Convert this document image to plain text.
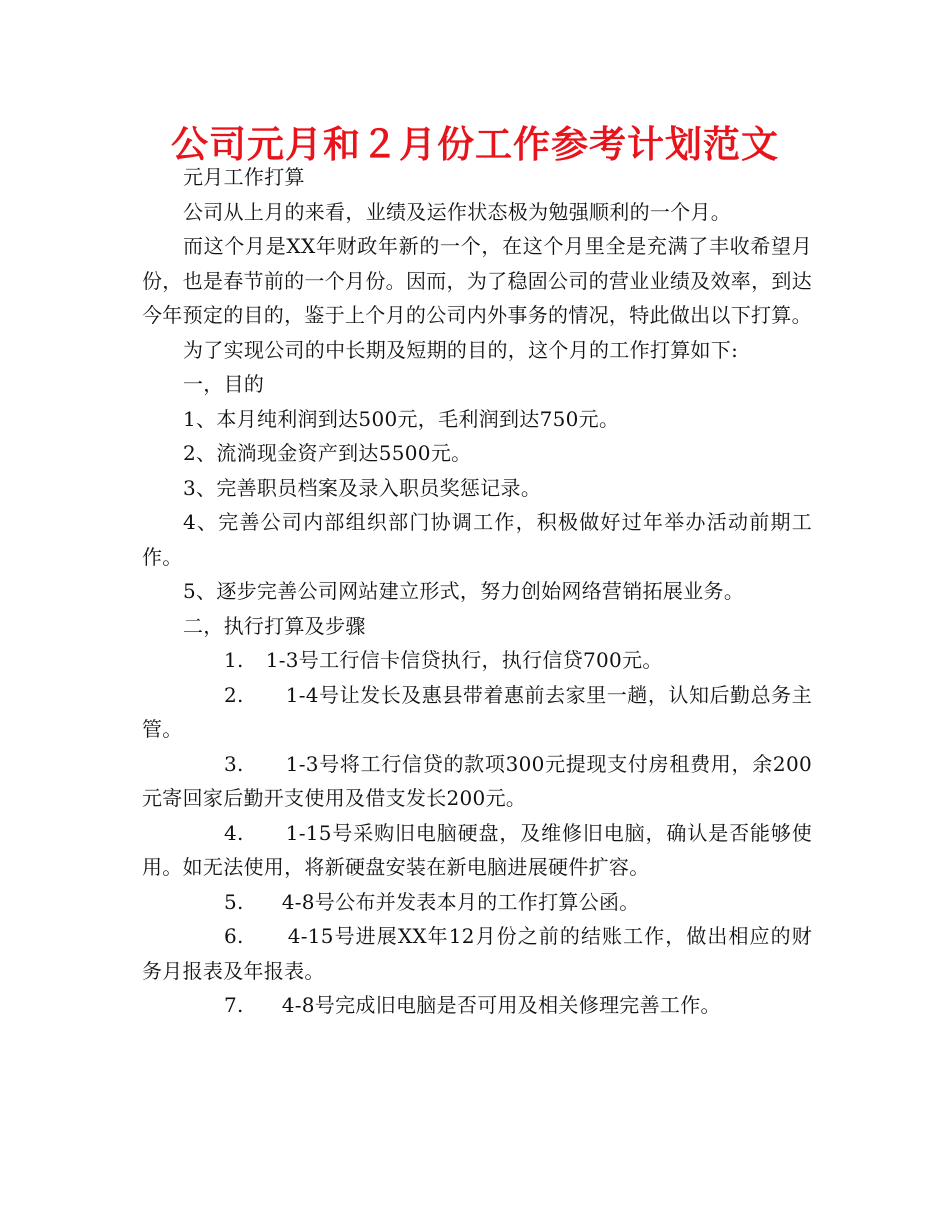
公司元月和２月份工作参考计划范文

元月工作打算

公司从上月的来看，业绩及运作状态极为勉强顺利的一个月。

而这个月是XX年财政年新的一个，在这个月里全是充满了丰收希望月份，也是春节前的一个月份。因而，为了稳固公司的营业业绩及效率，到达今年预定的目的，鉴于上个月的公司内外事务的情况，特此做出以下打算。

为了实现公司的中长期及短期的目的，这个月的工作打算如下:

一，目的

1、本月纯利润到达500元，毛利润到达750元。

2、流淌现金资产到达5500元。

3、完善职员档案及录入职员奖惩记录。

4、完善公司内部组织部门协调工作，积极做好过年举办活动前期工作。

5、逐步完善公司网站建立形式，努力创始网络营销拓展业务。

二，执行打算及步骤

1. 1-3号工行信卡信贷执行，执行信贷700元。

2. 1-4号让发长及惠县带着惠前去家里一趟，认知后勤总务主管。

3. 1-3号将工行信贷的款项300元提现支付房租费用，余200元寄回家后勤开支使用及借支发长200元。

4. 1-15号采购旧电脑硬盘，及维修旧电脑，确认是否能够使用。如无法使用，将新硬盘安装在新电脑进展硬件扩容。

5. 4-8号公布并发表本月的工作打算公函。

6. 4-15号进展XX年12月份之前的结账工作，做出相应的财务月报表及年报表。

7. 4-8号完成旧电脑是否可用及相关修理完善工作。
